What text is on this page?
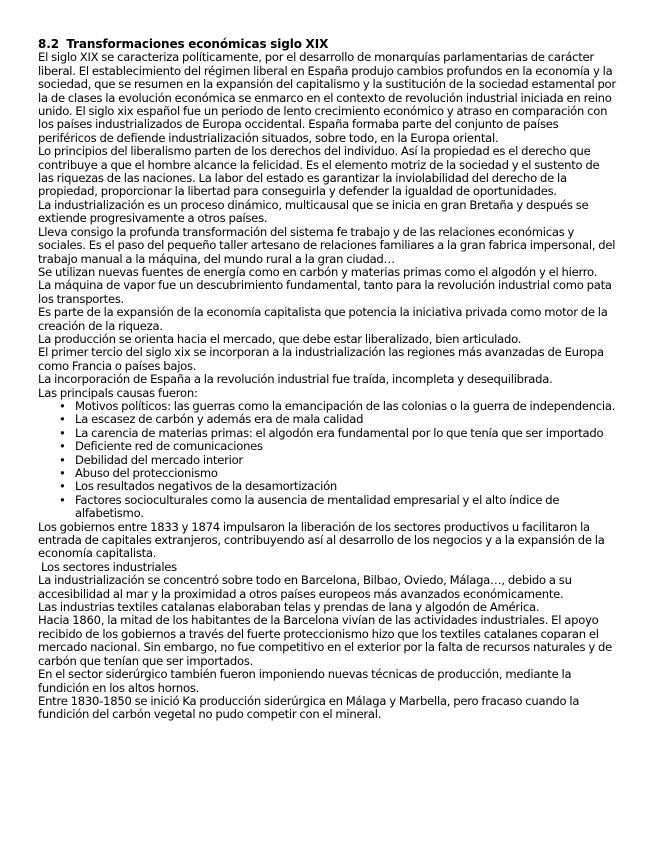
8.2  Transformaciones económicas siglo XIX

El siglo XIX se caracteriza políticamente, por el desarrollo de monarquías parlamentarias de carácter liberal. El establecimiento del régimen liberal en España produjo cambios profundos en la economía y la sociedad, que se resumen en la expansión del capitalismo y la sustitución de la sociedad estamental por la de clases la evolución económica se enmarco en el contexto de revolución industrial iniciada en reino unido. El siglo xix español fue un periodo de lento crecimiento económico y atraso en comparación con los países industrializados de Europa occidental. España formaba parte del conjunto de países periféricos de defiende industrialización situados, sobre todo, en la Europa oriental.

Lo principios del liberalismo parten de los derechos del individuo. Así la propiedad es el derecho que contribuye a que el hombre alcance la felicidad. Es el elemento motriz de la sociedad y el sustento de las riquezas de las naciones. La labor del estado es garantizar la inviolabilidad del derecho de la propiedad, proporcionar la libertad para conseguirla y defender la igualdad de oportunidades.

La industrialización es un proceso dinámico, multicausal que se inicia en gran Bretaña y después se extiende progresivamente a otros países.

Lleva consigo la profunda transformación del sistema fe trabajo y de las relaciones económicas y sociales. Es el paso del pequeño taller artesano de relaciones familiares a la gran fabrica impersonal, del trabajo manual a la máquina, del mundo rural a la gran ciudad…

Se utilizan nuevas fuentes de energía como en carbón y materias primas como el algodón y el hierro.

La máquina de vapor fue un descubrimiento fundamental, tanto para la revolución industrial como pata los transportes.

Es parte de la expansión de la economía capitalista que potencia la iniciativa privada como motor de la creación de la riqueza.

La producción se orienta hacia el mercado, que debe estar liberalizado, bien articulado.

El primer tercio del siglo xix se incorporan a la industrialización las regiones más avanzadas de Europa como Francia o países bajos.

La incorporación de España a la revolución industrial fue traída, incompleta y desequilibrada.

Las principals causas fueron:

• Motivos políticos: las guerras como la emancipación de las colonias o la guerra de independencia.
• La escasez de carbón y además era de mala calidad
• La carencia de materias primas: el algodón era fundamental por lo que tenía que ser importado
• Deficiente red de comunicaciones
• Debilidad del mercado interior
• Abuso del proteccionismo
• Los resultados negativos de la desamortización
• Factores socioculturales como la ausencia de mentalidad empresarial y el alto índice de alfabetismo.

Los gobiernos entre 1833 y 1874 impulsaron la liberación de los sectores productivos u facilitaron la entrada de capitales extranjeros, contribuyendo así al desarrollo de los negocios y a la expansión de la economía capitalista.

Los sectores industriales

La industrialización se concentró sobre todo en Barcelona, Bilbao, Oviedo, Málaga…, debido a su accesibilidad al mar y la proximidad a otros países europeos más avanzados económicamente.

Las industrias textiles catalanas elaboraban telas y prendas de lana y algodón de América.

Hacia 1860, la mitad de los habitantes de la Barcelona vivían de las actividades industriales. El apoyo recibido de los gobiernos a través del fuerte proteccionismo hizo que los textiles catalanes coparan el mercado nacional. Sin embargo, no fue competitivo en el exterior por la falta de recursos naturales y de carbón que tenían que ser importados.

En el sector siderúrgico también fueron imponiendo nuevas técnicas de producción, mediante la fundición en los altos hornos.

Entre 1830-1850 se inició Ka producción siderúrgica en Málaga y Marbella, pero fracaso cuando la fundición del carbón vegetal no pudo competir con el mineral.
